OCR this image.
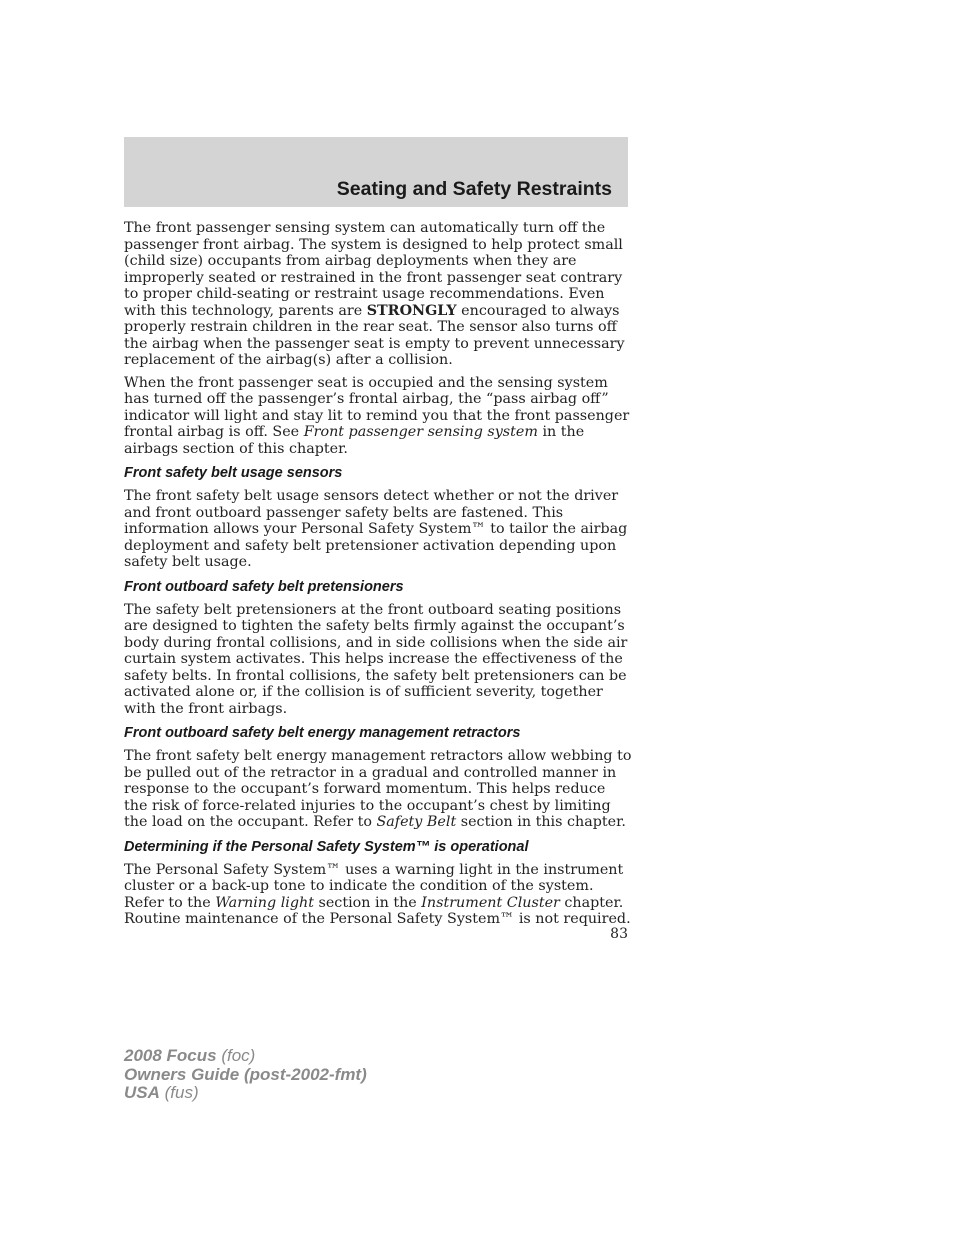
Seating and Safety Restraints

The front passenger sensing system can automatically turn off the passenger front airbag. The system is designed to help protect small (child size) occupants from airbag deployments when they are improperly seated or restrained in the front passenger seat contrary to proper child-seating or restraint usage recommendations. Even with this technology, parents are STRONGLY encouraged to always properly restrain children in the rear seat. The sensor also turns off the airbag when the passenger seat is empty to prevent unnecessary replacement of the airbag(s) after a collision.

When the front passenger seat is occupied and the sensing system has turned off the passenger’s frontal airbag, the “pass airbag off” indicator will light and stay lit to remind you that the front passenger frontal airbag is off. See Front passenger sensing system in the airbags section of this chapter.

Front safety belt usage sensors

The front safety belt usage sensors detect whether or not the driver and front outboard passenger safety belts are fastened. This information allows your Personal Safety System™ to tailor the airbag deployment and safety belt pretensioner activation depending upon safety belt usage.

Front outboard safety belt pretensioners

The safety belt pretensioners at the front outboard seating positions are designed to tighten the safety belts firmly against the occupant’s body during frontal collisions, and in side collisions when the side air curtain system activates. This helps increase the effectiveness of the safety belts. In frontal collisions, the safety belt pretensioners can be activated alone or, if the collision is of sufficient severity, together with the front airbags.

Front outboard safety belt energy management retractors

The front safety belt energy management retractors allow webbing to be pulled out of the retractor in a gradual and controlled manner in response to the occupant’s forward momentum. This helps reduce the risk of force-related injuries to the occupant’s chest by limiting the load on the occupant. Refer to Safety Belt section in this chapter.

Determining if the Personal Safety System™ is operational

The Personal Safety System™ uses a warning light in the instrument cluster or a back-up tone to indicate the condition of the system. Refer to the Warning light section in the Instrument Cluster chapter. Routine maintenance of the Personal Safety System™ is not required.

83
2008 Focus (foc)
Owners Guide (post-2002-fmt)
USA (fus)
